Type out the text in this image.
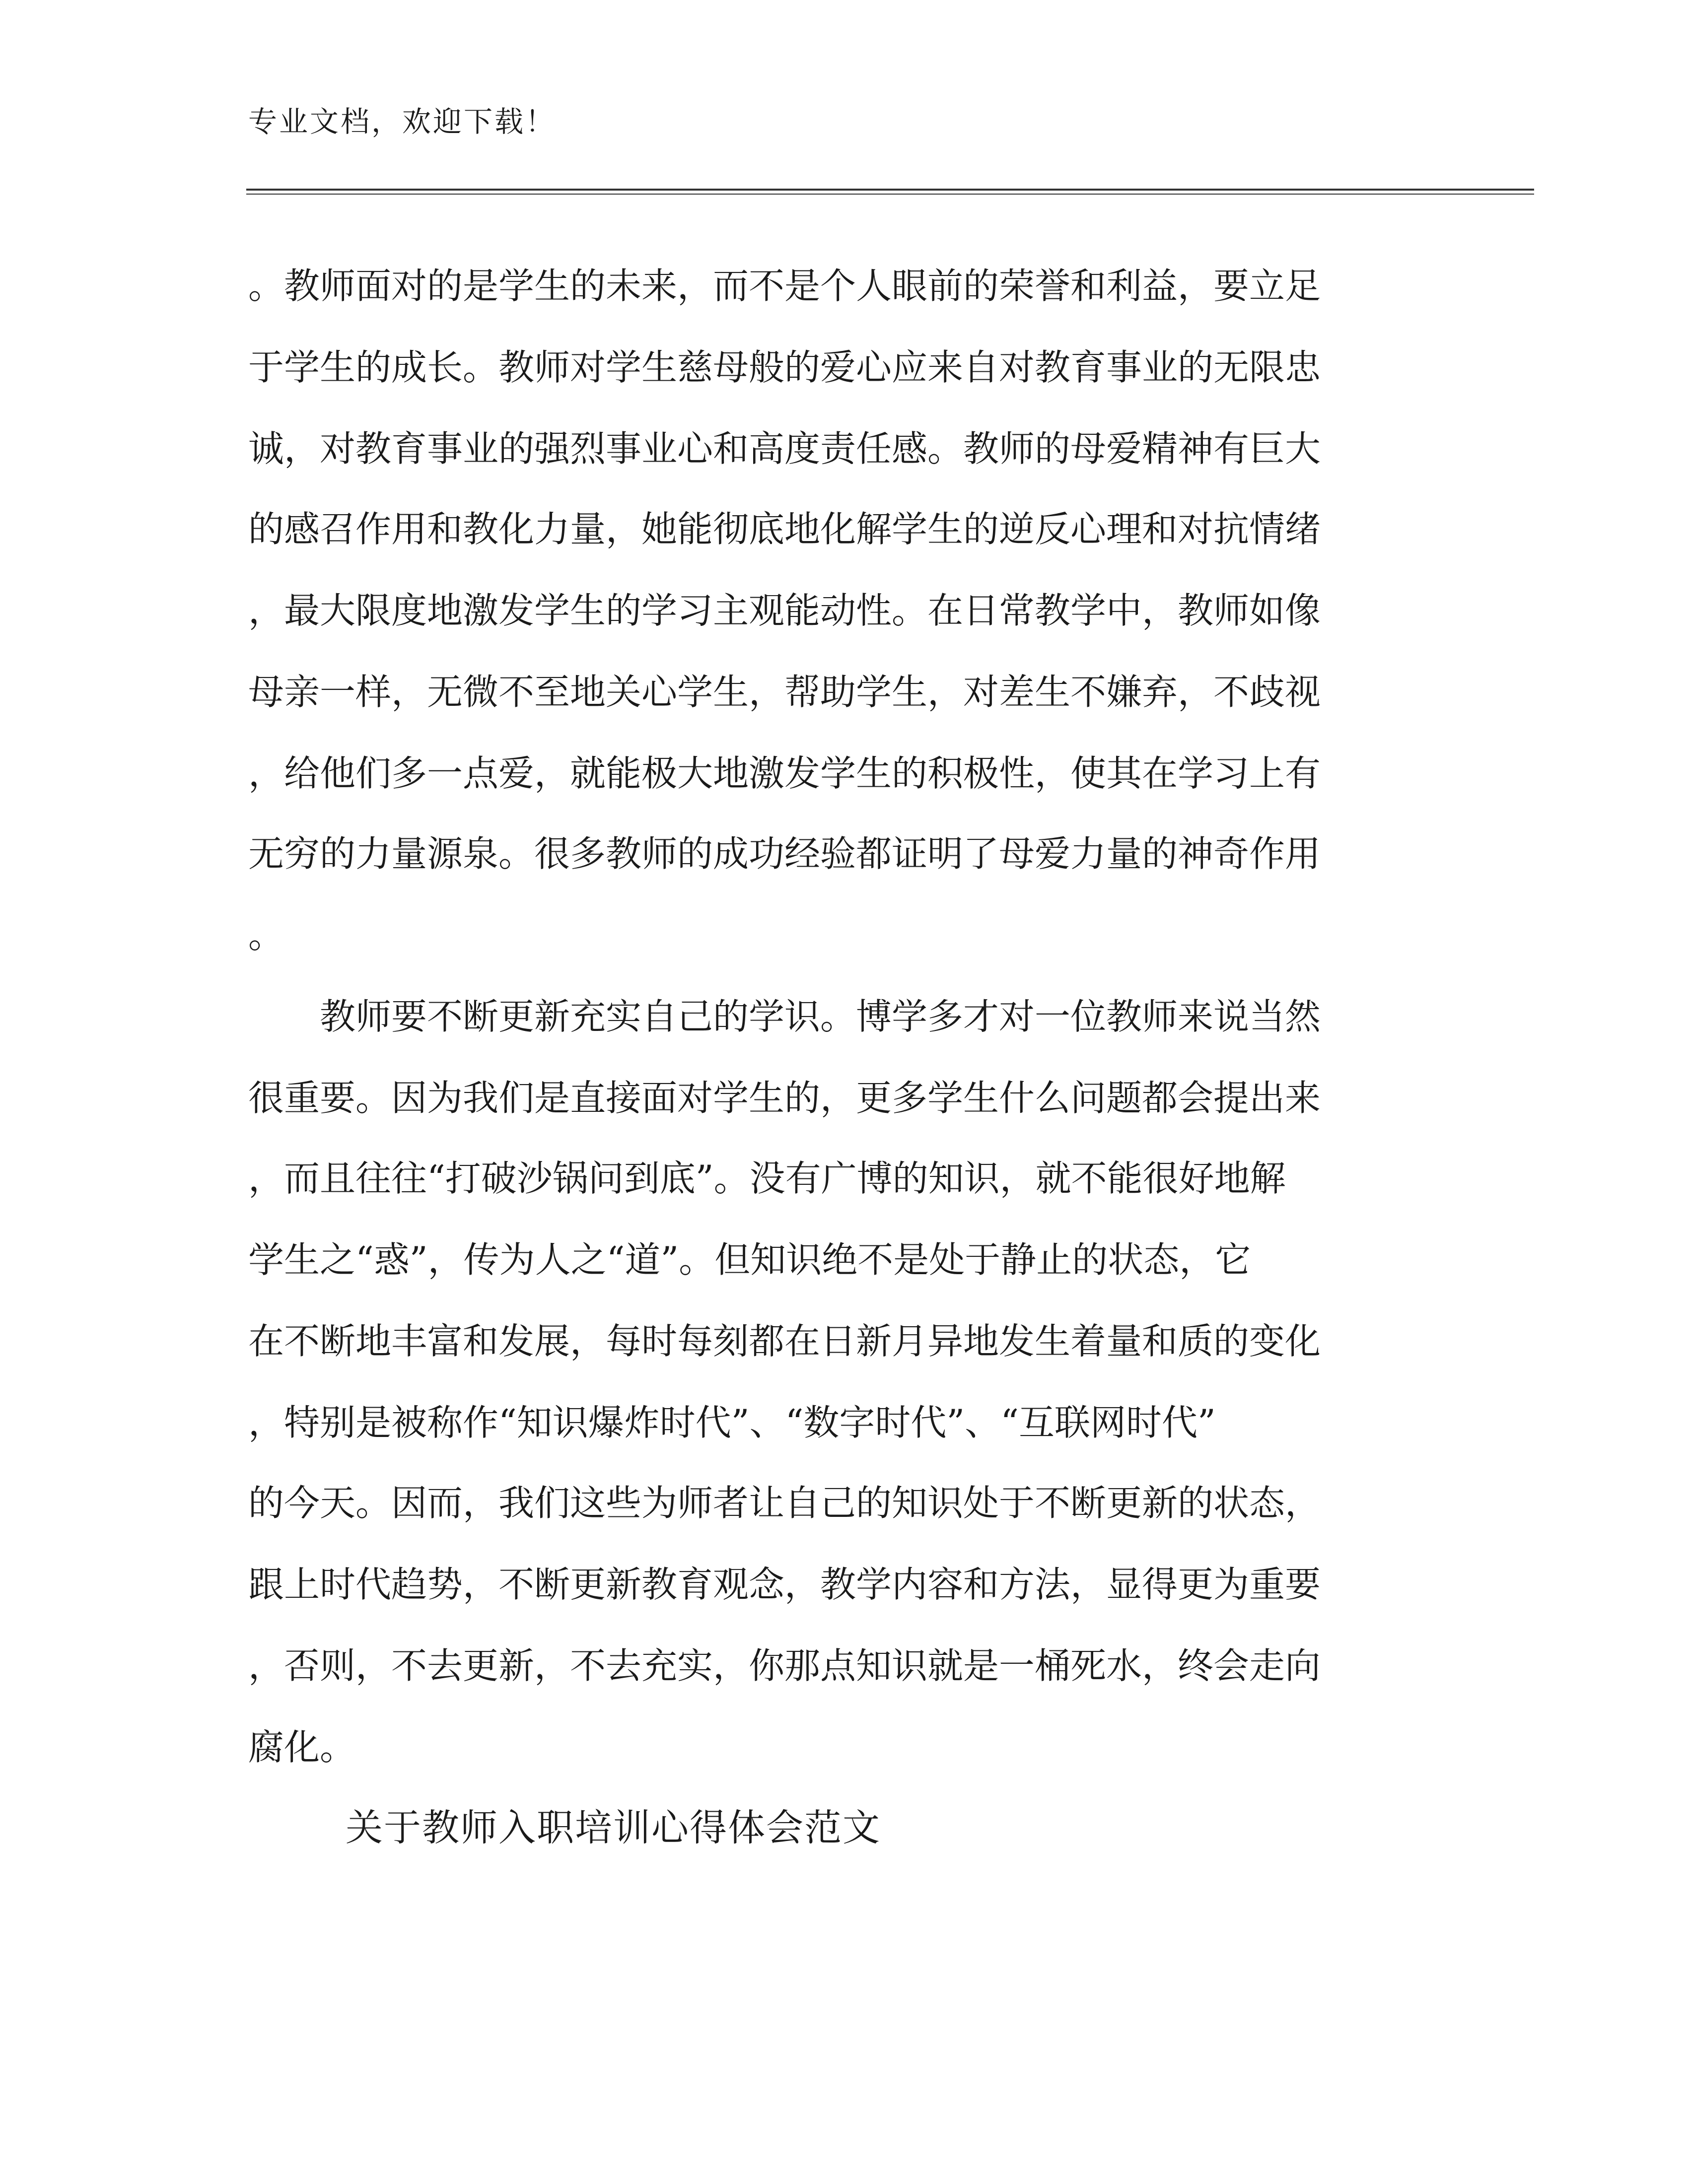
专业文档，欢迎下载！
。教师面对的是学生的未来，而不是个人眼前的荣誉和利益，要立足
于学生的成长。教师对学生慈母般的爱心应来自对教育事业的无限忠
诚，对教育事业的强烈事业心和高度责任感。教师的母爱精神有巨大
的感召作用和教化力量，她能彻底地化解学生的逆反心理和对抗情绪
，最大限度地激发学生的学习主观能动性。在日常教学中，教师如像
母亲一样，无微不至地关心学生，帮助学生，对差生不嫌弃，不歧视
，给他们多一点爱，就能极大地激发学生的积极性，使其在学习上有
无穷的力量源泉。很多教师的成功经验都证明了母爱力量的神奇作用
。
　　教师要不断更新充实自己的学识。博学多才对一位教师来说当然
很重要。因为我们是直接面对学生的，更多学生什么问题都会提出来
，而且往往“打破沙锅问到底”。没有广博的知识，就不能很好地解
学生之“惑”，传为人之“道”。但知识绝不是处于静止的状态，它
在不断地丰富和发展，每时每刻都在日新月异地发生着量和质的变化
，特别是被称作“知识爆炸时代”、“数字时代”、“互联网时代”
的今天。因而，我们这些为师者让自己的知识处于不断更新的状态，
跟上时代趋势，不断更新教育观念，教学内容和方法，显得更为重要
，否则，不去更新，不去充实，你那点知识就是一桶死水，终会走向
腐化。
关于教师入职培训心得体会范文
